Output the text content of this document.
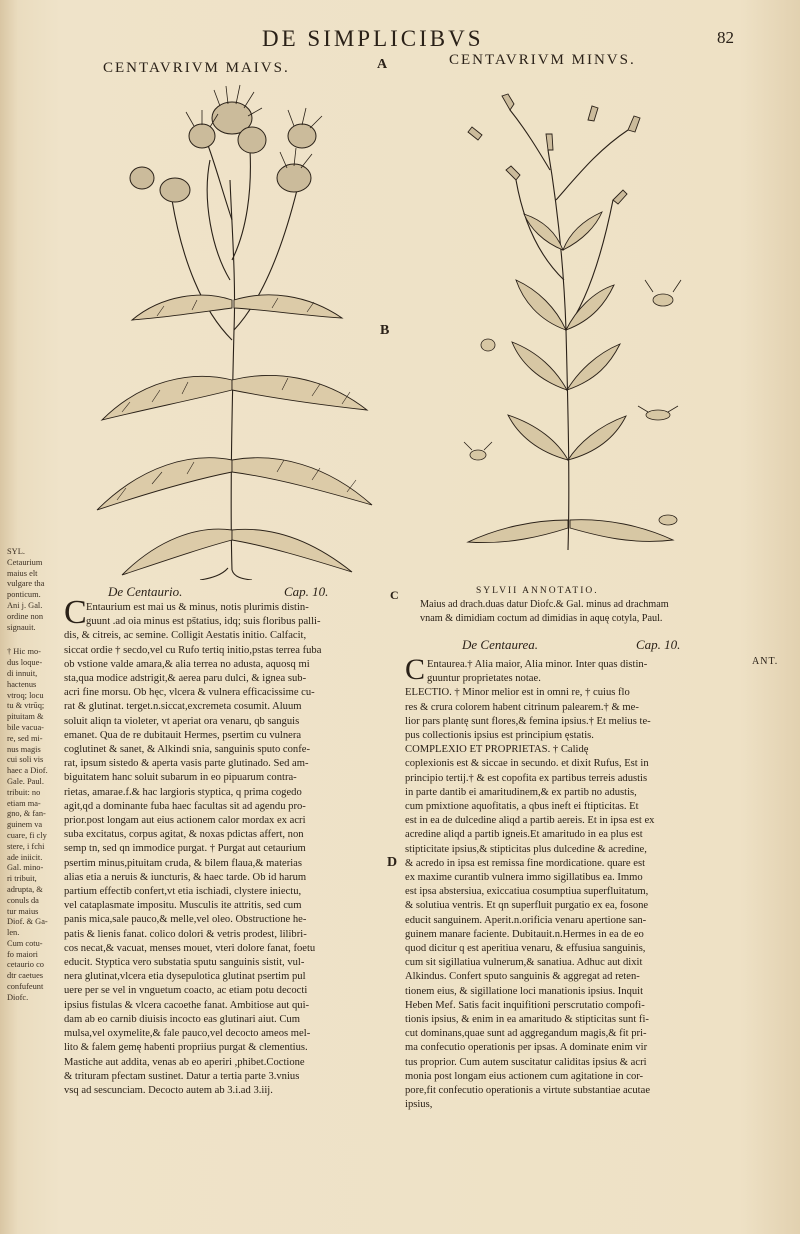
DE SIMPLICIBVS	82
CENTAVRIVM MAIVS.	A	CENTAVRIVM MINVS.
B
C
D
SYL.
Cetaurium
maius elt
vulgare tha
ponticum.
Ani j. Gal.
ordine non
signauit.
† Hic mo-
dus loque-
di innuit,
hactenus
vtroq; locu
tu & vtrūq;
pituitam &
bile vacua-
re, sed mi-
nus magis
cui soli vis
haec a Diof.
Gale. Paul.
tribuit: no
etiam ma-
gno, & fan-
guinem va
cuare, fi cly
stere, i fchi
ade iniicit.
Gal. mino-
ri tribuit,
adrupta, &
conuls da
tur maius
Diof. & Ga-
len.
Cum cotu-
fo maiori
cetaurio co
dtr caetues
confufeunt
Diofc.
De Centaurio.	Cap. 10.
C Entaurium est mai us & minus, notis plurimis distin-
guunt .ad oia minus est ps̃tatius, idq; suis floribus palli-
dis, & citreis, ac semine. Colligit Aestatis initio. Calfacit,
siccat ordie † secdo,vel cu Rufo tertiq initio,pstas terrea fuba
ob vstione valde amara,& alia terrea no adusta, aquosq mi
sta,qua modice adstrigit,& aerea paru dulci, & ignea sub-
acri fine morsu. Ob hęc, vlcera & vulnera efficacissime cu-
rat & glutinat. terget.n.siccat,excremeta cosumit. Aluum
soluit aliqn ta violeter, vt aperiat ora venaru, qb sanguis
emanet. Qua de re dubitauit Hermes, psertim cu vulnera
coglutinet & sanet, & Alkindi snia, sanguinis sputo confe-
rat, ipsum sistedo & aperta vasis parte glutinado. Sed am-
biguitatem hanc soluit subarum in eo pipuarum contra-
rietas, amarae.f.& hac largioris styptica, q prima cogedo
agit,qd a dominante fuba haec facultas sit ad agendu pro-
prior.post longam aut eius actionem calor mordax ex acri
suba excitatus, corpus agitat, & noxas pdictas affert, non
semp tn, sed qn immodice purgat. † Purgat aut cetaurium
psertim minus,pituitam cruda, & bilem flaua,& materias
alias etia a neruis & iuncturis, & haec tarde. Ob id harum
partium effectib confert,vt etia ischiadi, clystere iniectu,
vel cataplasmate impositu. Musculis ite attritis, sed cum
panis mica,sale pauco,& melle,vel oleo. Obstructione he-
patis & lienis fanat. colico dolori & vetris prodest, lilibri-
cos necat,& vacuat, menses mouet, vteri dolore fanat, foetu
educit. Styptica vero substatia sputu sanguinis sistit, vul-
nera glutinat,vlcera etia dysepulotica glutinat psertim pul
uere per se vel in vnguetum coacto, ac etiam potu decocti
ipsius fistulas & vlcera cacoethe fanat. Ambitiose aut qui-
dam ab eo carnib diuisis incocto eas glutinari aiut. Cum
mulsa,vel oxymelite,& fale pauco,vel decocto ameos mel-
lito & falem gemę habenti propriius purgat & clementius.
Mastiche aut addita, venas ab eo aperiri ,phibet.Coctione
& trituram pfectam sustinet. Datur a tertia parte 3.vnius
vsq ad sescunciam. Decocto autem ab 3.i.ad 3.iij.
SYLVII ANNOTATIO.
Maius ad drach.duas datur Diofc.& Gal. minus ad drachmam
vnam & dimidiam coctum ad dimidias in aquę cotyla, Paul.
De Centaurea.	Cap. 10.
ANT.
C Entaurea.† Alia maior, Alia minor. Inter quas distin-
guuntur proprietates notae.
ELECTIO. † Minor melior est in omni re, † cuius flo
res & crura colorem habent citrinum palearem.† & me-
lior pars plantę sunt flores,& femina ipsius.† Et melius te-
pus collectionis ipsius est principium ęstatis.
COMPLEXIO ET PROPRIETAS. † Calidę
coplexionis est & siccae in secundo. et dixit Rufus, Est in
principio tertij.† & est copofita ex partibus terreis adustis
in parte dantib ei amaritudinem,& ex partib no adustis,
cum pmixtione aquofitatis, a qbus ineft ei ftipticitas. Et
est in ea de dulcedine aliqd a partib aereis. Et in ipsa est ex
acredine aliqd a partib igneis.Et amaritudo in ea plus est
stipticitate ipsius,& stipticitas plus dulcedine & acredine,
& acredo in ipsa est remissa fine mordicatione. quare est
ex maxime curantib vulnera immo sigillatibus ea. Immo
est ipsa abstersiua, exiccatiua cosumptiua superfluitatum,
& solutiua ventris. Et qn superfluit purgatio ex ea, fosone
educit sanguinem. Aperit.n.orificia venaru apertione san-
guinem manare faciente. Dubitauit.n.Hermes in ea de eo
quod dicitur q est aperitiua venaru, & effusiua sanguinis,
cum sit sigillatiua vulnerum,& sanatiua. Adhuc aut dixit
Alkindus. Confert sputo sanguinis & aggregat ad reten-
tionem eius, & sigillatione loci manationis ipsius. Inquit
Heben Mef. Satis facit inquifitioni perscrutatio compofi-
tionis ipsius, & enim in ea amaritudo & stipticitas sunt fi-
cut dominans,quae sunt ad aggregandum magis,& fit pri-
ma confecutio operationis per ipsas. A dominate enim vir
tus proprior. Cum autem suscitatur caliditas ipsius & acri
monia post longam eius actionem cum agitatione in cor-
pore,fit confecutio operationis a virtute substantiae acutae
ipsius,
